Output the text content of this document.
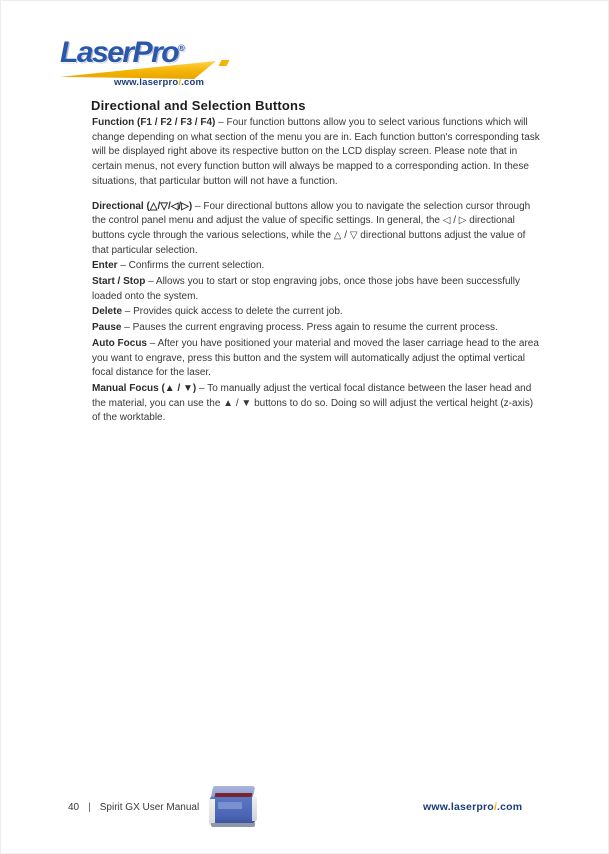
LaserPro®
www.laserproi.com
Directional and Selection Buttons

Function (F1 / F2 / F3 / F4) – Four function buttons allow you to select various functions which will change depending on what section of the menu you are in. Each function button's corresponding task will be displayed right above its respective button on the LCD display screen. Please note that in certain menus, not every function button will always be mapped to a corresponding action. In these situations, that particular button will not have a function.

Directional (△/▽/◁/▷) – Four directional buttons allow you to navigate the selection cursor through the control panel menu and adjust the value of specific settings. In general, the ◁ / ▷ directional buttons cycle through the various selections, while the △ / ▽ directional buttons adjust the value of that particular selection.

Enter – Confirms the current selection.

Start / Stop – Allows you to start or stop engraving jobs, once those jobs have been successfully loaded onto the system.

Delete – Provides quick access to delete the current job.

Pause – Pauses the current engraving process. Press again to resume the current process.

Auto Focus – After you have positioned your material and moved the laser carriage head to the area you want to engrave, press this button and the system will automatically adjust the optimal vertical focal distance for the laser.

Manual Focus (▲ / ▼) – To manually adjust the vertical focal distance between the laser head and the material, you can use the ▲ / ▼ buttons to do so. Doing so will adjust the vertical height (z-axis) of the worktable.

40 | Spirit GX User Manual	www.laserproi.com
